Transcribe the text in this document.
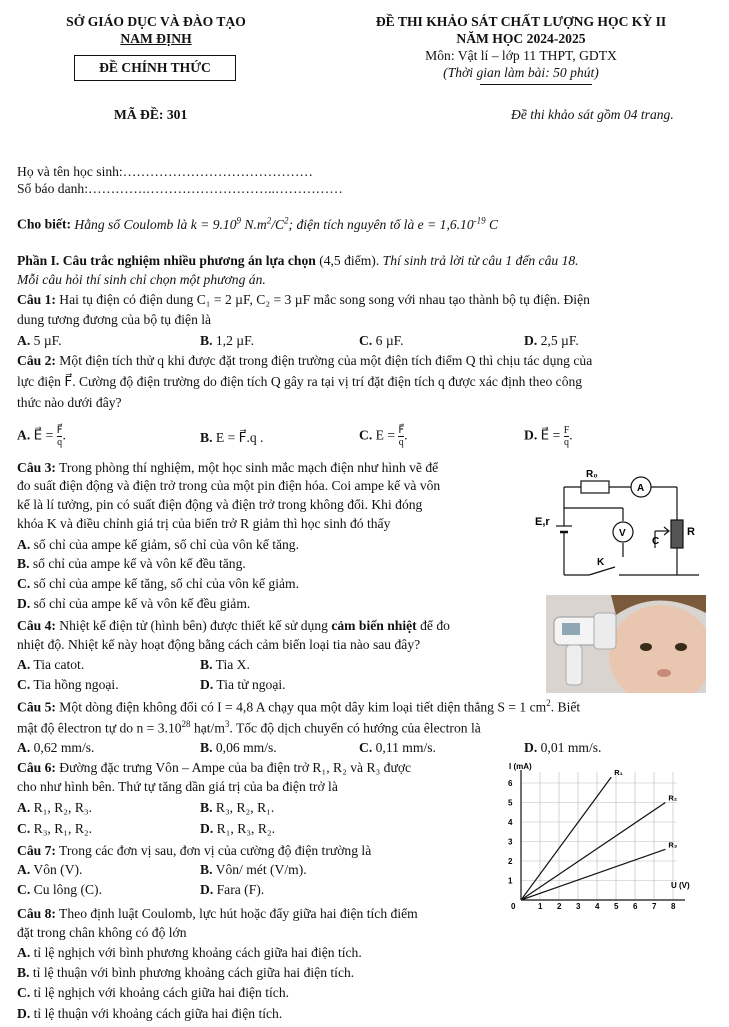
SỞ GIÁO DỤC VÀ ĐÀO TẠO
NAM ĐỊNH
ĐỀ CHÍNH THỨC
ĐỀ THI KHẢO SÁT CHẤT LƯỢNG HỌC KỲ II
NĂM HỌC 2024-2025
Môn: Vật lí – lớp 11 THPT, GDTX
(Thời gian làm bài: 50 phút)
MÃ ĐỀ: 301	Đề thi khảo sát gồm 04 trang.
Họ và tên học sinh:……………………………………
Số báo danh:………….………………………..……………
Cho biết: Hằng số Coulomb là $k = 9.10^9$ $N.m^2/C^2$; điện tích nguyên tố là $e = 1,6.10^{-19}$ C
Phần I. Câu trắc nghiệm nhiều phương án lựa chọn (4,5 điểm). Thí sinh trả lời từ câu 1 đến câu 18.
Mỗi câu hỏi thí sinh chỉ chọn một phương án.
Câu 1: Hai tụ điện có điện dung C₁ = 2 µF, C₂ = 3 µF mắc song song với nhau tạo thành bộ tụ điện. Điện
dung tương đương của bộ tụ điện là
A. 5 µF.	B. 1,2 µF.	C. 6 µF.	D. 2,5 µF.
Câu 2: Một điện tích thử q khi được đặt trong điện trường của một điện tích điểm Q thì chịu tác dụng của
lực điện F⃗. Cường độ điện trường do điện tích Q gây ra tại vị trí đặt điện tích q được xác định theo công
thức nào dưới đây?
A. E⃗ = $\frac{F⃗}{q}$ .	B. E = F⃗.q .	C. $E = \frac{F⃗}{q}$ .	D. E⃗ = $\frac{F}{q}$ .
Câu 3: Trong phòng thí nghiệm, một học sinh mắc mạch điện như hình vẽ để
đo suất điện động và điện trở trong của một pin điện hóa. Coi ampe kế và vôn
kế là lí tưởng, pin có suất điện động và điện trở trong không đổi. Khi đóng
khóa K và điều chỉnh giá trị của biến trở R giảm thì học sinh đó thấy
A. số chỉ của ampe kế giảm, số chỉ của vôn kế tăng.
B. số chỉ của ampe kế và vôn kế đều tăng.
C. số chỉ của ampe kế tăng, số chỉ của vôn kế giảm.
D. số chỉ của ampe kế và vôn kế đều giảm.
R₀
A
E,r
V	R
C
K
Câu 4: Nhiệt kế điện tử (hình bên) được thiết kế sử dụng cảm biến nhiệt để đo
nhiệt độ. Nhiệt kế này hoạt động bằng cách cảm biến loại tia nào sau đây?
A. Tia catot.	B. Tia X.
C. Tia hồng ngoại.	D. Tia tử ngoại.
Câu 5: Một dòng điện không đổi có I = 4,8 A chạy qua một dây kim loại tiết diện thẳng S = 1 $cm^2$. Biết
mật độ êlectron tự do $n = 3.10^{28}$ hạt/$m^3$. Tốc độ dịch chuyển có hướng của êlectron là
A. 0,62 mm/s.	B. 0,06 mm/s.	C. 0,11 mm/s.	D. 0,01 mm/s.
Câu 6: Đường đặc trưng Vôn – Ampe của ba điện trở R₁, R₂ và R₃ được
cho như hình bên. Thứ tự tăng dần giá trị của ba điện trở là
A. R₁, R₂, R₃.	B. R₃, R₂, R₁.
C. R₃, R₁, R₂.	D. R₁, R₃, R₂.
Câu 7: Trong các đơn vị sau, đơn vị của cường độ điện trường là
A. Vôn (V).	B. Vôn/ mét (V/m).
C. Cu lông (C).	D. Fara (F).
Câu 8: Theo định luật Coulomb, lực hút hoặc đẩy giữa hai điện tích điểm
đặt trong chân không có độ lớn
A. tỉ lệ nghịch với bình phương khoảng cách giữa hai điện tích.
B. tỉ lệ thuận với bình phương khoảng cách giữa hai điện tích.
C. tỉ lệ nghịch với khoảng cách giữa hai điện tích.
D. tỉ lệ thuận với khoảng cách giữa hai điện tích.
I (mA)
U (V)
0
1
2
3
4
5
6
1 2 3 4 5 6 7 8
R₁
R₂
R₃
